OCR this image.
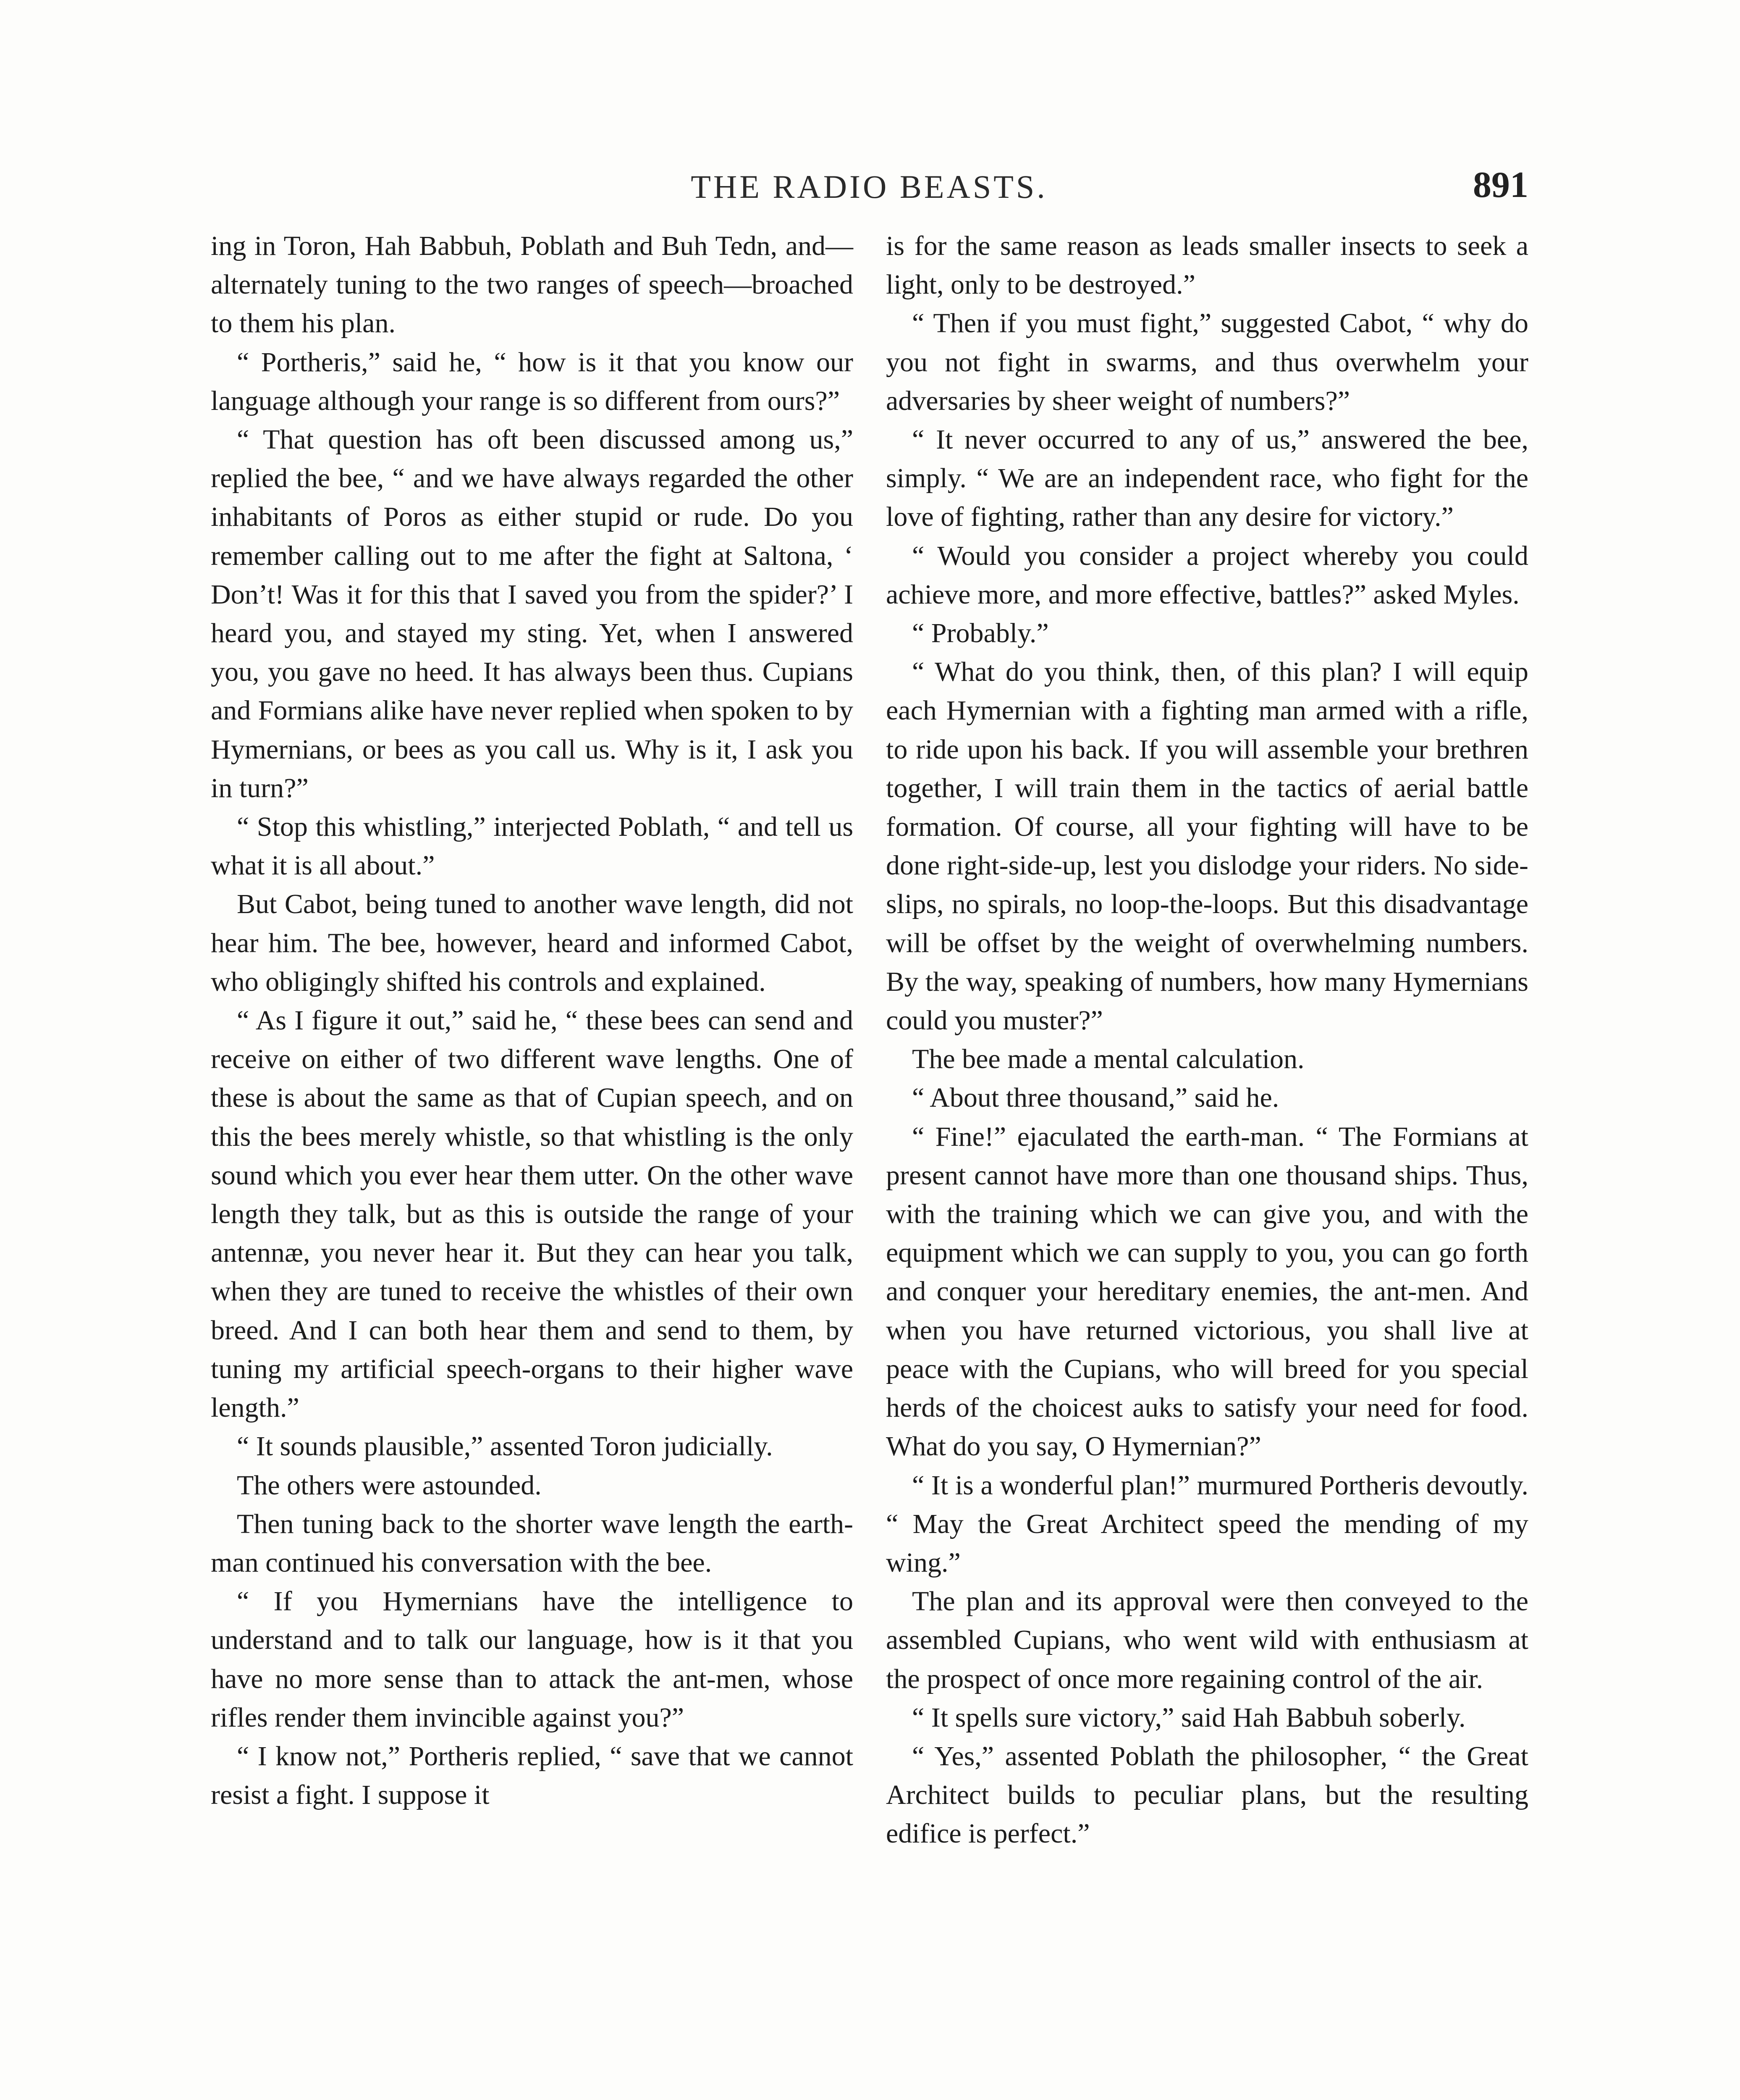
THE RADIO BEASTS.	891

ing in Toron, Hah Babbuh, Poblath and Buh Tedn, and—alternately tuning to the two ranges of speech—broached to them his plan.

“ Portheris,” said he, “ how is it that you know our language although your range is so different from ours?”

“ That question has oft been discussed among us,” replied the bee, “ and we have always regarded the other inhabitants of Poros as either stupid or rude. Do you remember calling out to me after the fight at Saltona, ‘ Don’t! Was it for this that I saved you from the spider?’ I heard you, and stayed my sting. Yet, when I answered you, you gave no heed. It has always been thus. Cupians and Formians alike have never replied when spoken to by Hymernians, or bees as you call us. Why is it, I ask you in turn?”

“ Stop this whistling,” interjected Poblath, “ and tell us what it is all about.”

But Cabot, being tuned to another wave length, did not hear him. The bee, however, heard and informed Cabot, who obligingly shifted his controls and explained.

“ As I figure it out,” said he, “ these bees can send and receive on either of two different wave lengths. One of these is about the same as that of Cupian speech, and on this the bees merely whistle, so that whistling is the only sound which you ever hear them utter. On the other wave length they talk, but as this is outside the range of your antennæ, you never hear it. But they can hear you talk, when they are tuned to receive the whistles of their own breed. And I can both hear them and send to them, by tuning my artificial speech-organs to their higher wave length.”

“ It sounds plausible,” assented Toron judicially.

The others were astounded.

Then tuning back to the shorter wave length the earth-man continued his conversation with the bee.

“ If you Hymernians have the intelligence to understand and to talk our language, how is it that you have no more sense than to attack the ant-men, whose rifles render them invincible against you?”

“ I know not,” Portheris replied, “ save that we cannot resist a fight. I suppose it

is for the same reason as leads smaller insects to seek a light, only to be destroyed.”

“ Then if you must fight,” suggested Cabot, “ why do you not fight in swarms, and thus overwhelm your adversaries by sheer weight of numbers?”

“ It never occurred to any of us,” answered the bee, simply. “ We are an independent race, who fight for the love of fighting, rather than any desire for victory.”

“ Would you consider a project whereby you could achieve more, and more effective, battles?” asked Myles.

“ Probably.”

“ What do you think, then, of this plan? I will equip each Hymernian with a fighting man armed with a rifle, to ride upon his back. If you will assemble your brethren together, I will train them in the tactics of aerial battle formation. Of course, all your fighting will have to be done right-side-up, lest you dislodge your riders. No side-slips, no spirals, no loop-the-loops. But this disadvantage will be offset by the weight of overwhelming numbers. By the way, speaking of numbers, how many Hymernians could you muster?”

The bee made a mental calculation.

“ About three thousand,” said he.

“ Fine!” ejaculated the earth-man. “ The Formians at present cannot have more than one thousand ships. Thus, with the training which we can give you, and with the equipment which we can supply to you, you can go forth and conquer your hereditary enemies, the ant-men. And when you have returned victorious, you shall live at peace with the Cupians, who will breed for you special herds of the choicest auks to satisfy your need for food. What do you say, O Hymernian?”

“ It is a wonderful plan!” murmured Portheris devoutly. “ May the Great Architect speed the mending of my wing.”

The plan and its approval were then conveyed to the assembled Cupians, who went wild with enthusiasm at the prospect of once more regaining control of the air.

“ It spells sure victory,” said Hah Babbuh soberly.

“ Yes,” assented Poblath the philosopher, “ the Great Architect builds to peculiar plans, but the resulting edifice is perfect.”
